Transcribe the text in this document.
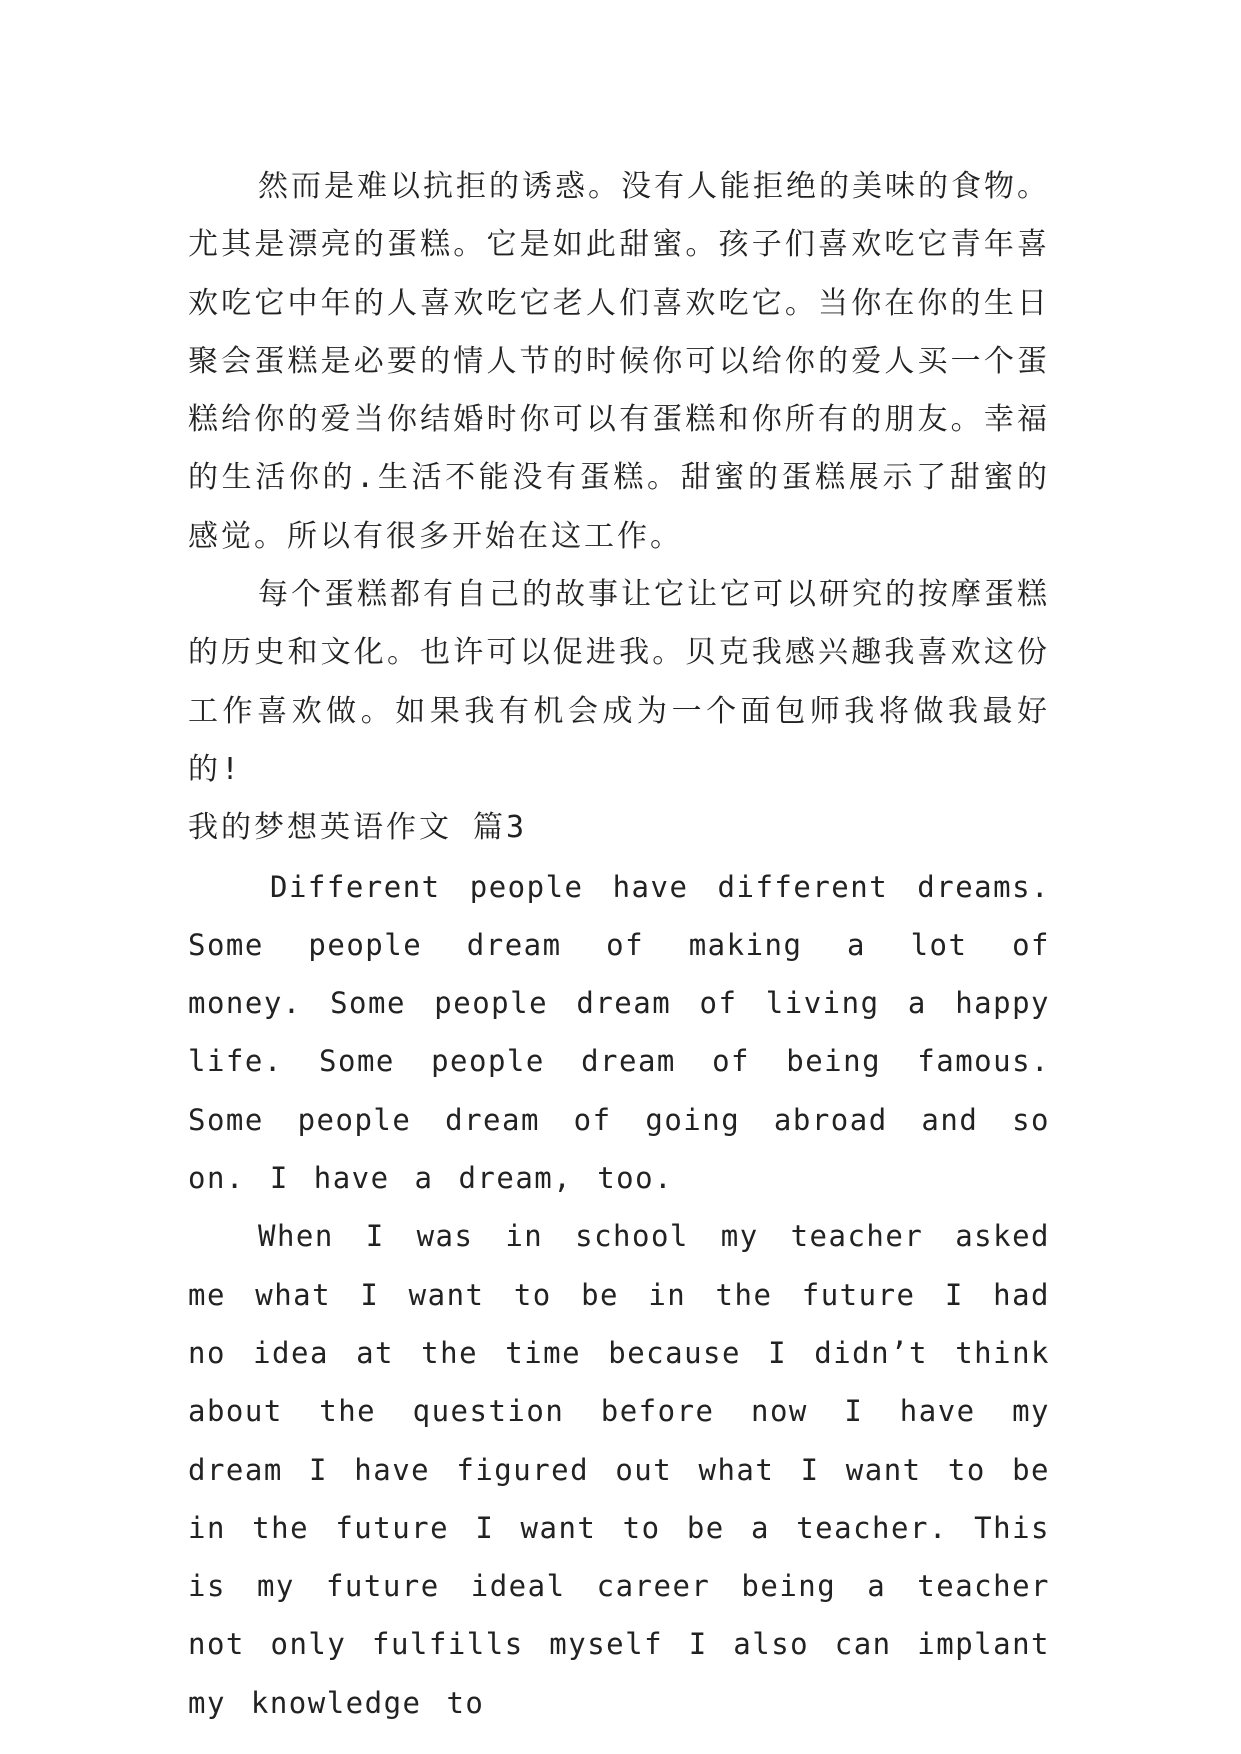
然而是难以抗拒的诱惑。没有人能拒绝的美味的食物。尤其是漂亮的蛋糕。它是如此甜蜜。孩子们喜欢吃它青年喜欢吃它中年的人喜欢吃它老人们喜欢吃它。当你在你的生日聚会蛋糕是必要的情人节的时候你可以给你的爱人买一个蛋糕给你的爱当你结婚时你可以有蛋糕和你所有的朋友。幸福的生活你的.生活不能没有蛋糕。甜蜜的蛋糕展示了甜蜜的感觉。所以有很多开始在这工作。

每个蛋糕都有自己的故事让它让它可以研究的按摩蛋糕的历史和文化。也许可以促进我。贝克我感兴趣我喜欢这份工作喜欢做。如果我有机会成为一个面包师我将做我最好的!

我的梦想英语作文 篇3

Different people have different dreams. Some people dream of making a lot of money. Some people dream of living a happy life. Some people dream of being famous. Some people dream of going abroad and so on. I have a dream, too.

When I was in school my teacher asked me what I want to be in the future I had no idea at the time because I didn’t think about the question before now I have my dream I have figured out what I want to be in the future I want to be a teacher. This is my future ideal career being a teacher not only fulfills myself I also can implant my knowledge to
